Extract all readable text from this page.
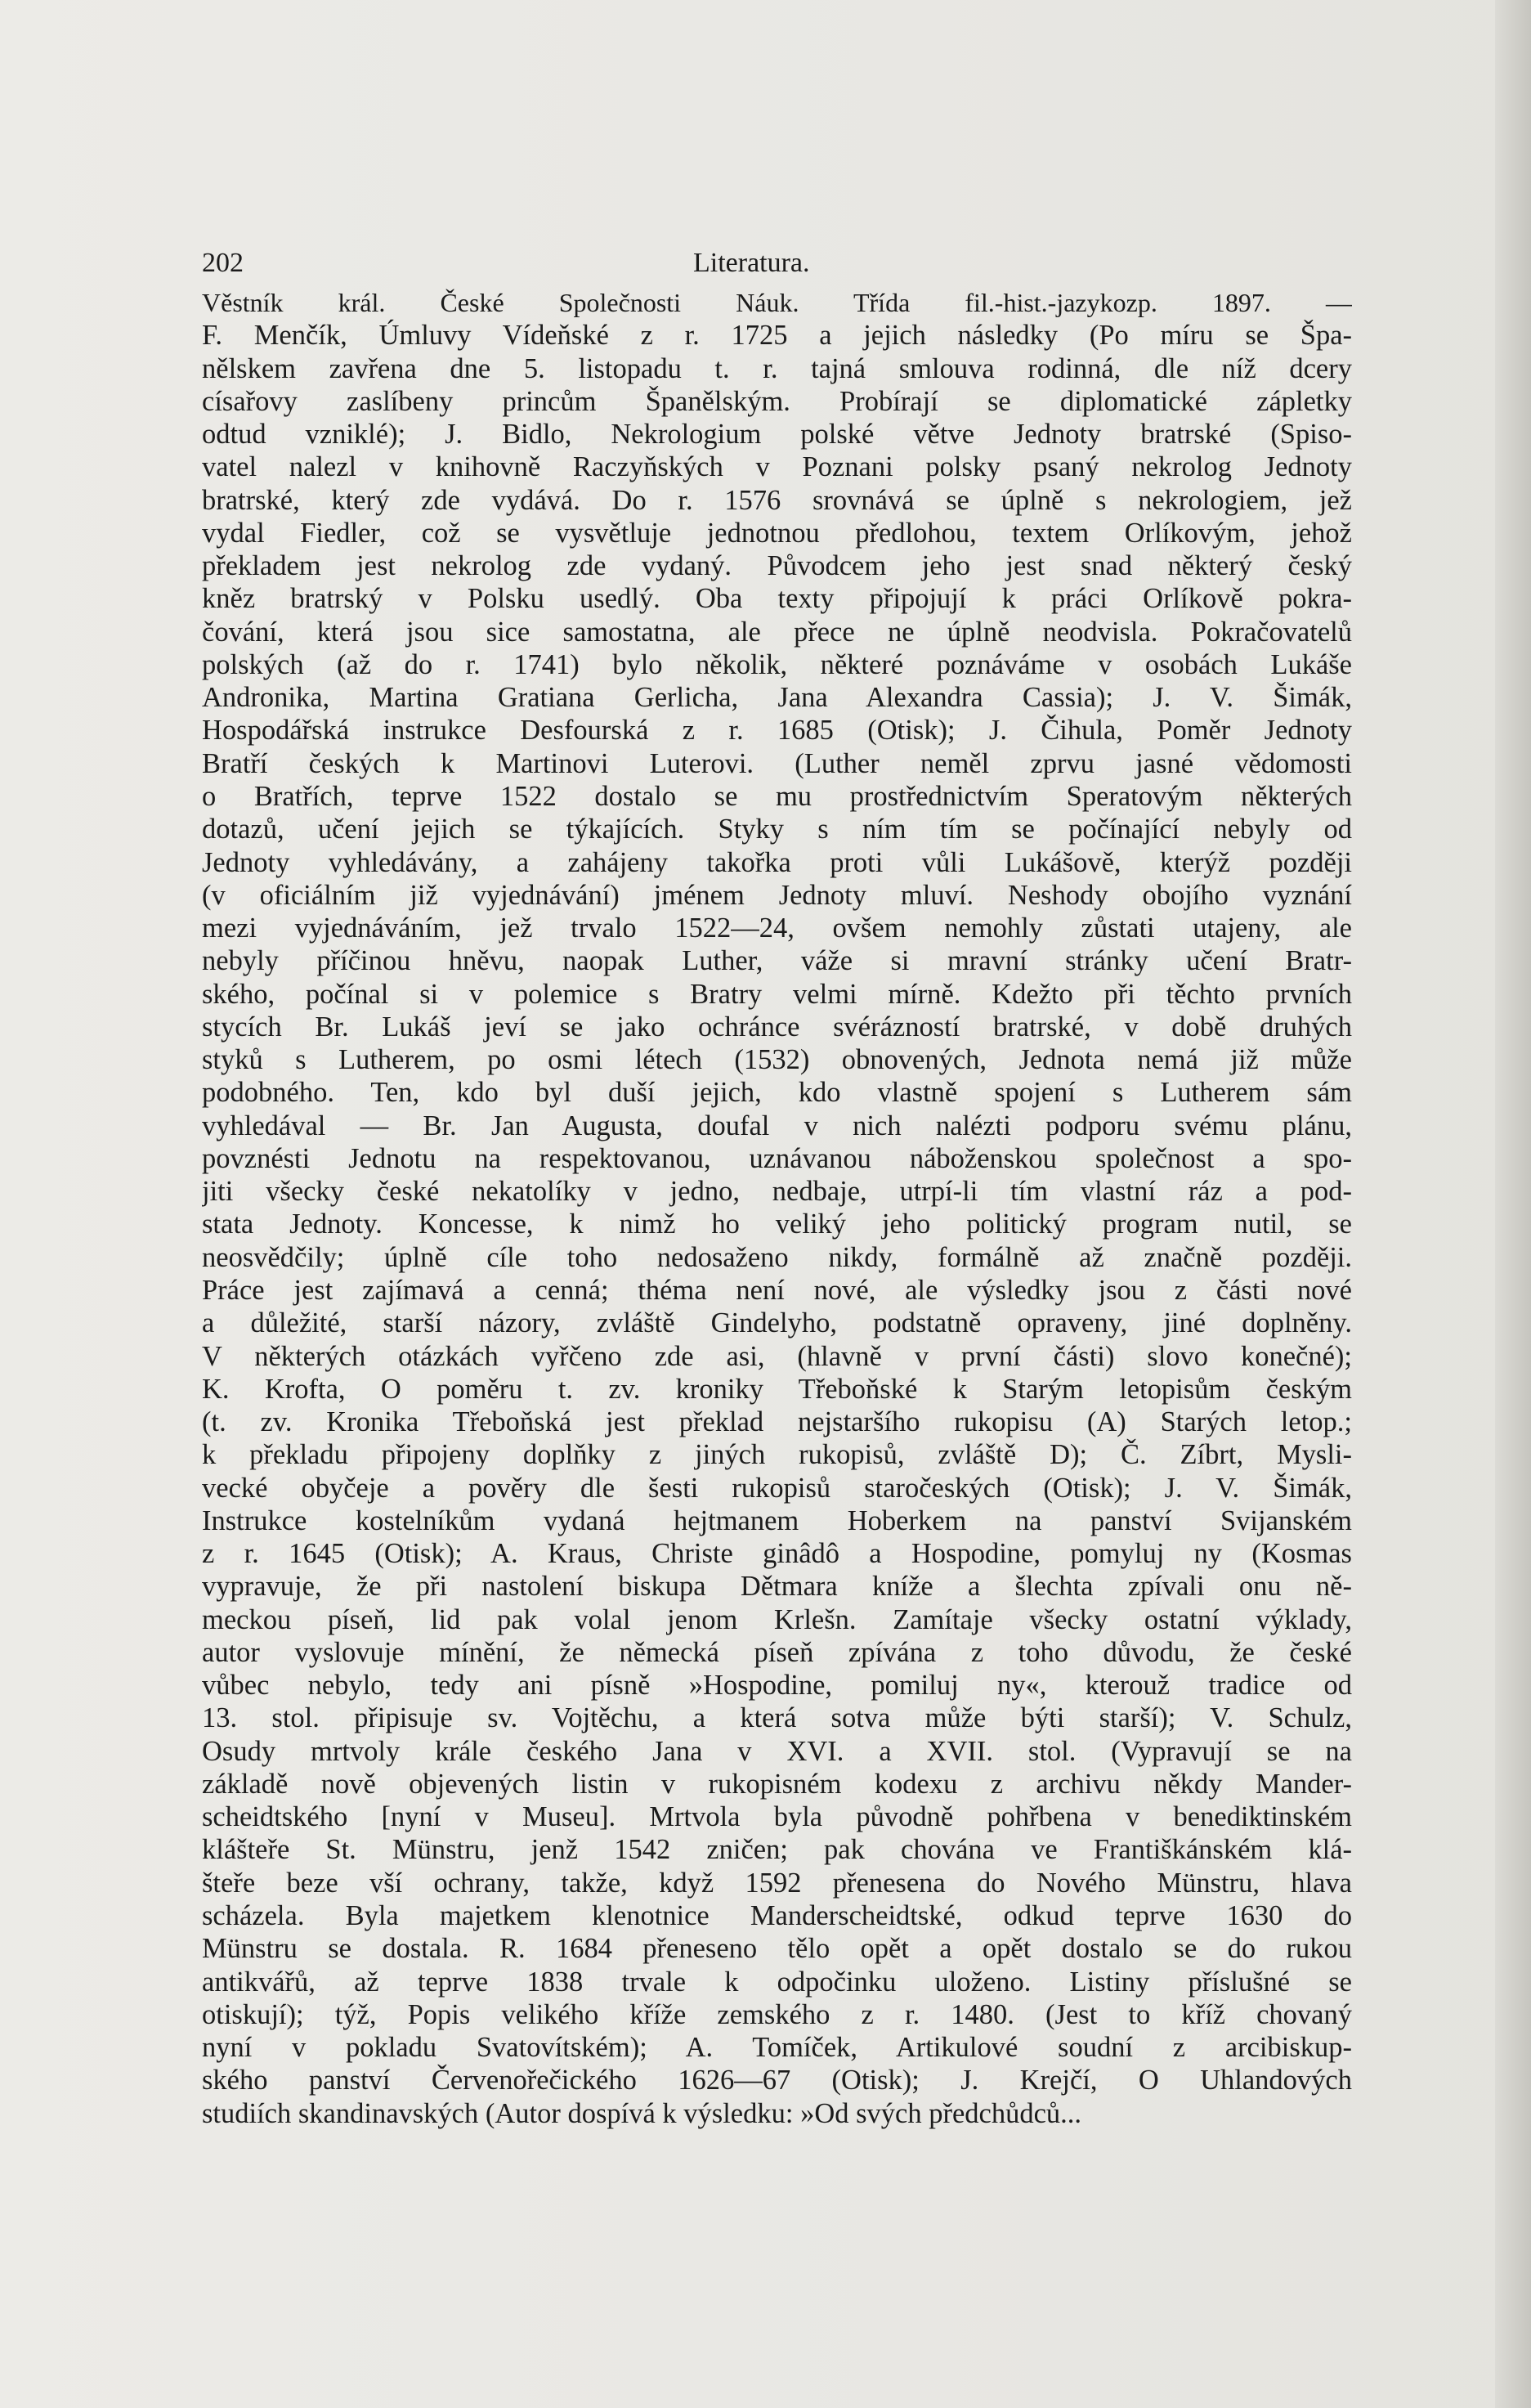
202	Literatura.
Věstník král. České Společnosti Náuk. Třída fil.-hist.-jazykozp. 1897. —
F. Menčík, Úmluvy Vídeňské z r. 1725 a jejich následky (Po míru se Špa-
nělskem zavřena dne 5. listopadu t. r. tajná smlouva rodinná, dle níž dcery
císařovy zaslíbeny princům Španělským. Probírají se diplomatické zápletky
odtud vzniklé); J. Bidlo, Nekrologium polské větve Jednoty bratrské (Spiso-
vatel nalezl v knihovně Raczyňských v Poznani polsky psaný nekrolog Jednoty
bratrské, který zde vydává. Do r. 1576 srovnává se úplně s nekrologiem, jež
vydal Fiedler, což se vysvětluje jednotnou předlohou, textem Orlíkovým, jehož
překladem jest nekrolog zde vydaný. Původcem jeho jest snad některý český
kněz bratrský v Polsku usedlý. Oba texty připojují k práci Orlíkově pokra-
čování, která jsou sice samostatna, ale přece ne úplně neodvisla. Pokračovatelů
polských (až do r. 1741) bylo několik, některé poznáváme v osobách Lukáše
Andronika, Martina Gratiana Gerlicha, Jana Alexandra Cassia); J. V. Šimák,
Hospodářská instrukce Desfourská z r. 1685 (Otisk); J. Čihula, Poměr Jednoty
Bratří českých k Martinovi Luterovi. (Luther neměl zprvu jasné vědomosti
o Bratřích, teprve 1522 dostalo se mu prostřednictvím Speratovým některých
dotazů, učení jejich se týkajících. Styky s ním tím se počínající nebyly od
Jednoty vyhledávány, a zahájeny takořka proti vůli Lukášově, kterýž později
(v oficiálním již vyjednávání) jménem Jednoty mluví. Neshody obojího vyznání
mezi vyjednáváním, jež trvalo 1522—24, ovšem nemohly zůstati utajeny, ale
nebyly příčinou hněvu, naopak Luther, váže si mravní stránky učení Bratr-
ského, počínal si v polemice s Bratry velmi mírně. Kdežto při těchto prvních
stycích Br. Lukáš jeví se jako ochránce svérázností bratrské, v době druhých
styků s Lutherem, po osmi létech (1532) obnovených, Jednota nemá již může
podobného. Ten, kdo byl duší jejich, kdo vlastně spojení s Lutherem sám
vyhledával — Br. Jan Augusta, doufal v nich nalézti podporu svému plánu,
povznésti Jednotu na respektovanou, uznávanou náboženskou společnost a spo-
jiti všecky české nekatolíky v jedno, nedbaje, utrpí-li tím vlastní ráz a pod-
stata Jednoty. Koncesse, k nimž ho veliký jeho politický program nutil, se
neosvědčily; úplně cíle toho nedosaženo nikdy, formálně až značně později.
Práce jest zajímavá a cenná; théma není nové, ale výsledky jsou z části nové
a důležité, starší názory, zvláště Gindelyho, podstatně opraveny, jiné doplněny.
V některých otázkách vyřčeno zde asi, (hlavně v první části) slovo konečné);
K. Krofta, O poměru t. zv. kroniky Třeboňské k Starým letopisům českým
(t. zv. Kronika Třeboňská jest překlad nejstaršího rukopisu (A) Starých letop.;
k překladu připojeny doplňky z jiných rukopisů, zvláště D); Č. Zíbrt, Mysli-
vecké obyčeje a pověry dle šesti rukopisů staročeských (Otisk); J. V. Šimák,
Instrukce kostelníkům vydaná hejtmanem Hoberkem na panství Svijanském
z r. 1645 (Otisk); A. Kraus, Christe ginâdô a Hospodine, pomyluj ny (Kosmas
vypravuje, že při nastolení biskupa Dětmara kníže a šlechta zpívali onu ně-
meckou píseň, lid pak volal jenom Krlešn. Zamítaje všecky ostatní výklady,
autor vyslovuje mínění, že německá píseň zpívána z toho důvodu, že české
vůbec nebylo, tedy ani písně »Hospodine, pomiluj ny«, kterouž tradice od
13. stol. připisuje sv. Vojtěchu, a která sotva může býti starší); V. Schulz,
Osudy mrtvoly krále českého Jana v XVI. a XVII. stol. (Vypravují se na
základě nově objevených listin v rukopisném kodexu z archivu někdy Mander-
scheidtského [nyní v Museu]. Mrtvola byla původně pohřbena v benediktinském
klášteře St. Münstru, jenž 1542 zničen; pak chována ve Františkánském klá-
šteře beze vší ochrany, takže, když 1592 přenesena do Nového Münstru, hlava
scházela. Byla majetkem klenotnice Manderscheidtské, odkud teprve 1630 do
Münstru se dostala. R. 1684 přeneseno tělo opět a opět dostalo se do rukou
antikvářů, až teprve 1838 trvale k odpočinku uloženo. Listiny příslušné se
otiskují); týž, Popis velikého kříže zemského z r. 1480. (Jest to kříž chovaný
nyní v pokladu Svatovítském); A. Tomíček, Artikulové soudní z arcibiskup-
ského panství Červenořečického 1626—67 (Otisk); J. Krejčí, O Uhlandových
studiích skandinavských (Autor dospívá k výsledku: »Od svých předchůdců...
